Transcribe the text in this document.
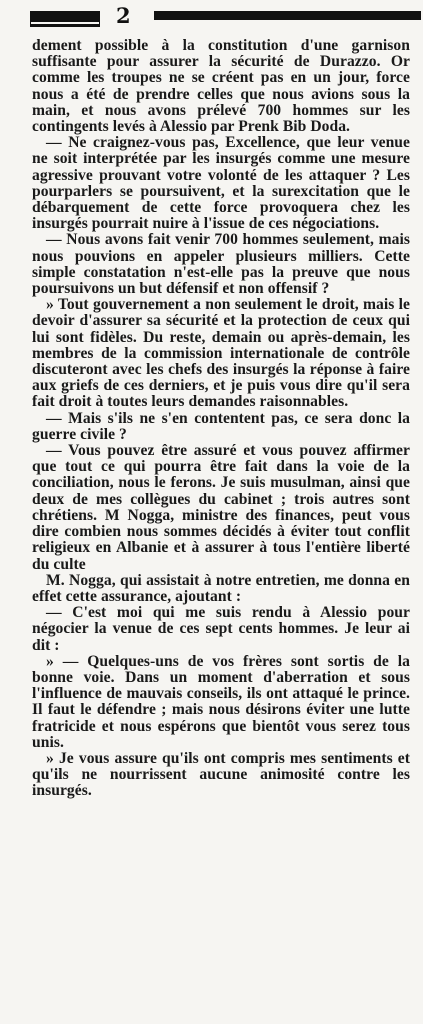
2

dement possible à la constitution d'une garnison suffisante pour assurer la sécurité de Durazzo. Or comme les troupes ne se créent pas en un jour, force nous a été de prendre celles que nous avions sous la main, et nous avons prélevé 700 hommes sur les contingents levés à Alessio par Prenk Bib Doda.

— Ne craignez-vous pas, Excellence, que leur venue ne soit interprétée par les insurgés comme une mesure agressive prouvant votre volonté de les attaquer ? Les pourparlers se poursuivent, et la surexcitation que le débarquement de cette force provoquera chez les insurgés pourrait nuire à l'issue de ces négociations.

— Nous avons fait venir 700 hommes seulement, mais nous pouvions en appeler plusieurs milliers. Cette simple constatation n'est-elle pas la preuve que nous poursuivons un but défensif et non offensif ?

» Tout gouvernement a non seulement le droit, mais le devoir d'assurer sa sécurité et la protection de ceux qui lui sont fidèles. Du reste, demain ou après-demain, les membres de la commission internationale de contrôle discuteront avec les chefs des insurgés la réponse à faire aux griefs de ces derniers, et je puis vous dire qu'il sera fait droit à toutes leurs demandes raisonnables.

— Mais s'ils ne s'en contentent pas, ce sera donc la guerre civile ?

— Vous pouvez être assuré et vous pouvez affirmer que tout ce qui pourra être fait dans la voie de la conciliation, nous le ferons. Je suis musulman, ainsi que deux de mes collègues du cabinet ; trois autres sont chrétiens. M Nogga, ministre des finances, peut vous dire combien nous sommes décidés à éviter tout conflit religieux en Albanie et à assurer à tous l'entière liberté du culte

M. Nogga, qui assistait à notre entretien, me donna en effet cette assurance, ajoutant :

— C'est moi qui me suis rendu à Alessio pour négocier la venue de ces sept cents hommes. Je leur ai dit :

» — Quelques-uns de vos frères sont sortis de la bonne voie. Dans un moment d'aberration et sous l'influence de mauvais conseils, ils ont attaqué le prince. Il faut le défendre ; mais nous désirons éviter une lutte fratricide et nous espérons que bientôt vous serez tous unis.

» Je vous assure qu'ils ont compris mes sentiments et qu'ils ne nourrissent aucune animosité contre les insurgés.
